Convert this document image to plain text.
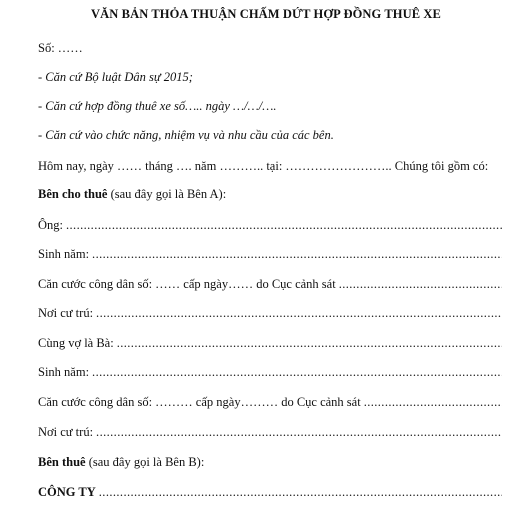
VĂN BẢN THỎA THUẬN CHẤM DỨT HỢP ĐỒNG THUÊ XE
Số: ……
- Căn cứ Bộ luật Dân sự 2015;
- Căn cứ hợp đồng thuê xe số….. ngày …/…/….
- Căn cứ vào chức năng, nhiệm vụ và nhu cầu của các bên.
Hôm nay, ngày …… tháng …. năm ……….. tại: …………………….. Chúng tôi gồm có:
Bên cho thuê (sau đây gọi là Bên A):
Ông:
.....
Sinh năm:
.....
Căn cước công dân số: …… cấp ngày…… do Cục cảnh sát
.....
Nơi cư trú:
.....
Cùng vợ là Bà:
.....
Sinh năm:
.....
Căn cước công dân số: ……… cấp ngày……… do Cục cảnh sát
.....
Nơi cư trú:
.....
Bên thuê (sau đây gọi là Bên B):
CÔNG TY
.....
